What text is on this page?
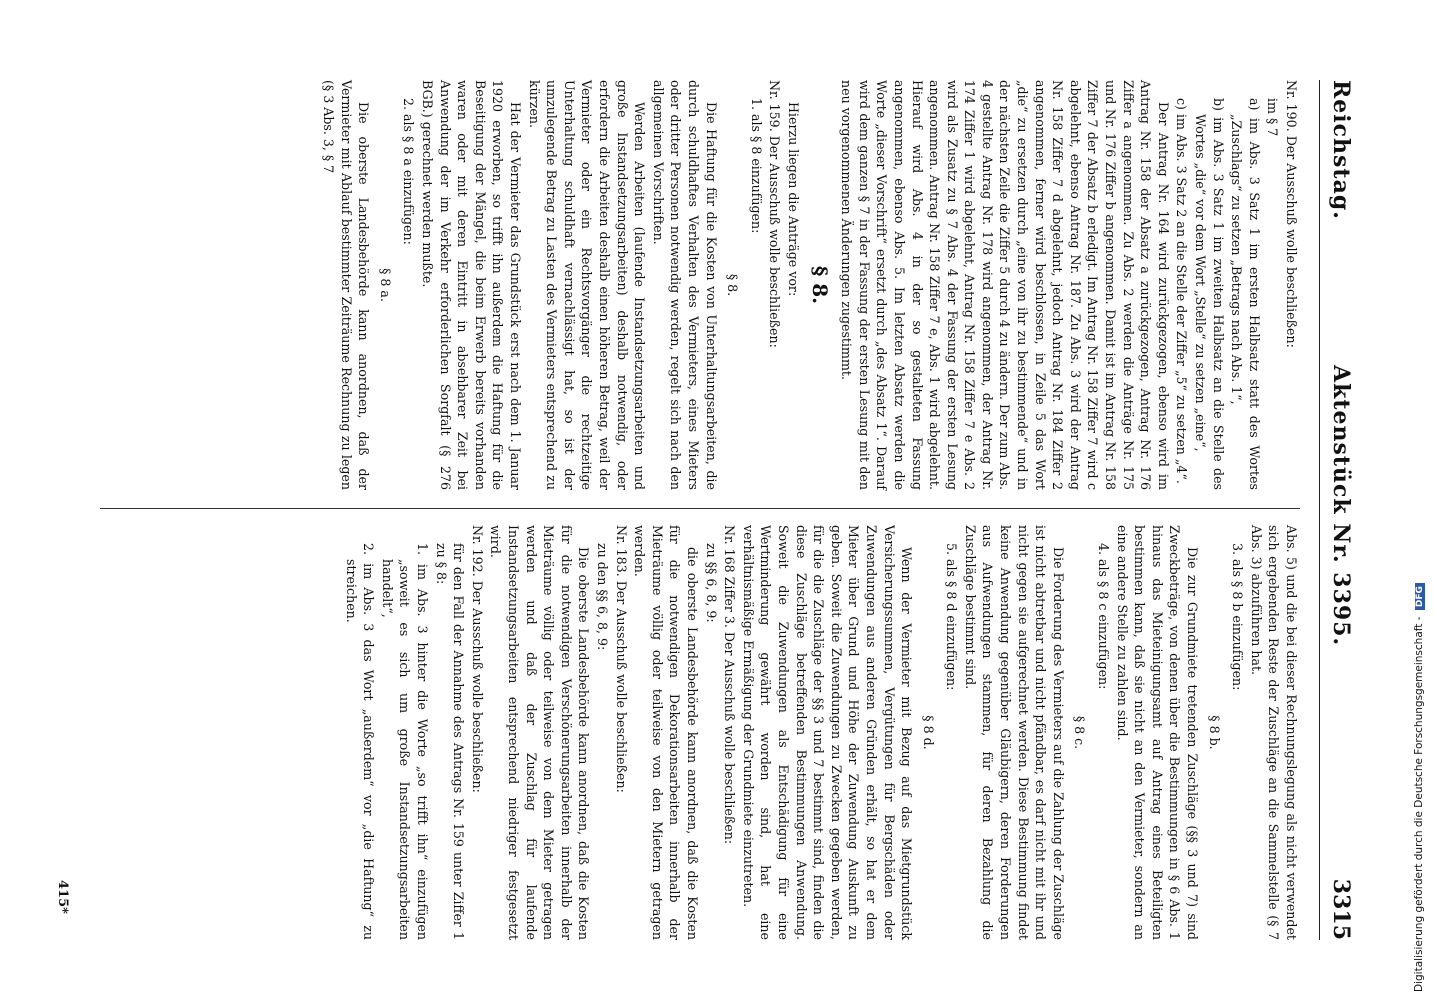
Reichstag.
Aktenstück Nr. 3395.
3315

Nr. 190. Der Ausschuß wolle beschließen:

im § 7

a) im Abs. 3 Satz 1 im ersten Halbsatz statt des Wortes „Zuschlags“ zu setzen „Betrags nach Abs. 1“,

b) im Abs. 3 Satz 1 im zweiten Halbsatz an die Stelle des Wortes „die“ vor dem Wort „Stelle“ zu setzen „eine“,

c) im Abs. 3 Satz 2 an die Stelle der Ziffer „5“ zu setzen „4“.

Der Antrag Nr. 164 wird zurückgezogen, ebenso wird im Antrag Nr. 158 der Absatz a zurückgezogen, Antrag Nr. 176 Ziffer a angenommen. Zu Abs. 2 werden die Anträge Nr. 175 und Nr. 176 Ziffer b angenommen. Damit ist im Antrag Nr. 158 Ziffer 7 der Absatz b erledigt. Im Antrag Nr. 158 Ziffer 7 wird c abgelehnt, ebenso Antrag Nr. 187. Zu Abs. 3 wird der Antrag Nr. 158 Ziffer 7 d abgelehnt, jedoch Antrag Nr. 184 Ziffer 2 angenommen, ferner wird beschlossen, in Zeile 5 das Wort „die“ zu ersetzen durch „eine von ihr zu bestimmende“ und in der nächsten Zeile die Ziffer 5 durch 4 zu ändern. Der zum Abs. 4 gestellte Antrag Nr. 178 wird angenommen, der Antrag Nr. 174 Ziffer 1 wird abgelehnt, Antrag Nr. 158 Ziffer 7 e Abs. 2 wird als Zusatz zu § 7 Abs. 4 der Fassung der ersten Lesung angenommen. Antrag Nr. 158 Ziffer 7 e, Abs. 1 wird abgelehnt. Hierauf wird Abs. 4 in der so gestalteten Fassung angenommen, ebenso Abs. 5. Im letzten Absatz werden die Worte „dieser Vorschrift“ ersetzt durch „des Absatz 1“. Darauf wird dem ganzen § 7 in der Fassung der ersten Lesung mit den neu vorgenommenen Änderungen zugestimmt.

§ 8.

Hierzu liegen die Anträge vor:

Nr. 159. Der Ausschuß wolle beschließen:

1. als § 8 einzufügen:

§ 8.

Die Haftung für die Kosten von Unterhaltungsarbeiten, die durch schuldhaftes Verhalten des Vermieters, eines Mieters oder dritter Personen notwendig werden, regelt sich nach den allgemeinen Vorschriften.

Werden Arbeiten (laufende Instandsetzungsarbeiten und große Instandsetzungsarbeiten) deshalb notwendig, oder erfordern die Arbeiten deshalb einen höheren Betrag, weil der Vermieter oder ein Rechtsvorgänger die rechtzeitige Unterhaltung schuldhaft vernachlässigt hat, so ist der umzulegende Betrag zu Lasten des Vermieters entsprechend zu kürzen.

Hat der Vermieter das Grundstück erst nach dem 1. Januar 1920 erworben, so trifft ihn außerdem die Haftung für die Beseitigung der Mängel, die beim Erwerb bereits vorhanden waren oder mit deren Eintritt in absehbarer Zeit bei Anwendung der im Verkehr erforderlichen Sorgfalt (§ 276 BGB.) gerechnet werden mußte.

2. als § 8 a einzufügen:

§ 8 a.

Die oberste Landesbehörde kann anordnen, daß der Vermieter mit Ablauf bestimmter Zeiträume Rechnung zu legen (§ 3 Abs. 3, § 7

Abs. 5) und die bei dieser Rechnungslegung als nicht verwendet sich ergebenden Reste der Zuschläge an die Sammelstelle (§ 7 Abs. 3) abzuführen hat.

3. als § 8 b einzufügen:

§ 8 b.

Die zur Grundmiete tretenden Zuschläge (§§ 3 und 7) sind Zweckbeträge, von denen über die Bestimmungen in § 6 Abs. 1 hinaus das Mieteinigungsamt auf Antrag eines Beteiligten bestimmen kann, daß sie nicht an den Vermieter, sondern an eine andere Stelle zu zahlen sind.

4. als § 8 c einzufügen:

§ 8 c.

Die Forderung des Vermieters auf die Zahlung der Zuschläge ist nicht abtretbar und nicht pfändbar, es darf nicht mit ihr und nicht gegen sie aufgerechnet werden. Diese Bestimmung findet keine Anwendung gegenüber Gläubigern, deren Forderungen aus Aufwendungen stammen, für deren Bezahlung die Zuschläge bestimmt sind.

5. als § 8 d einzufügen:

§ 8 d.

Wenn der Vermieter mit Bezug auf das Mietgrundstück Versicherungssummen, Vergütungen für Bergschäden oder Zuwendungen aus anderen Gründen erhält, so hat er dem Mieter über Grund und Höhe der Zuwendung Auskunft zu geben. Soweit die Zuwendungen zu Zwecken gegeben werden, für die die Zuschläge der §§ 3 und 7 bestimmt sind, finden die diese Zuschläge betreffenden Bestimmungen Anwendung. Soweit die Zuwendungen als Entschädigung für eine Wertminderung gewährt worden sind, hat eine verhältnismäßige Ermäßigung der Grundmiete einzutreten.

Nr. 168 Ziffer 3. Der Ausschuß wolle beschließen:

zu §§ 6, 8, 9:

die oberste Landesbehörde kann anordnen, daß die Kosten für die notwendigen Dekorationsarbeiten innerhalb der Mieträume völlig oder teilweise von den Mietern getragen werden.

Nr. 183. Der Ausschuß wolle beschließen:

zu den §§ 6, 8, 9:

Die oberste Landesbehörde kann anordnen, daß die Kosten für die notwendigen Verschönerungsarbeiten innerhalb der Mieträume völlig oder teilweise von dem Mieter getragen werden und daß der Zuschlag für laufende Instandsetzungsarbeiten entsprechend niedriger festgesetzt wird.

Nr. 192. Der Ausschuß wolle beschließen:

für den Fall der Annahme des Antrags Nr. 159 unter Ziffer 1 zu § 8:

1. im Abs. 3 hinter die Worte „so trifft ihn“ einzufügen „soweit es sich um große Instandsetzungsarbeiten handelt“,

2. im Abs. 3 das Wort „außerdem“ vor „die Haftung“ zu streichen.

415*	Digitalisierung gefördert durch die Deutsche Forschungsgemeinschaft - DFG
